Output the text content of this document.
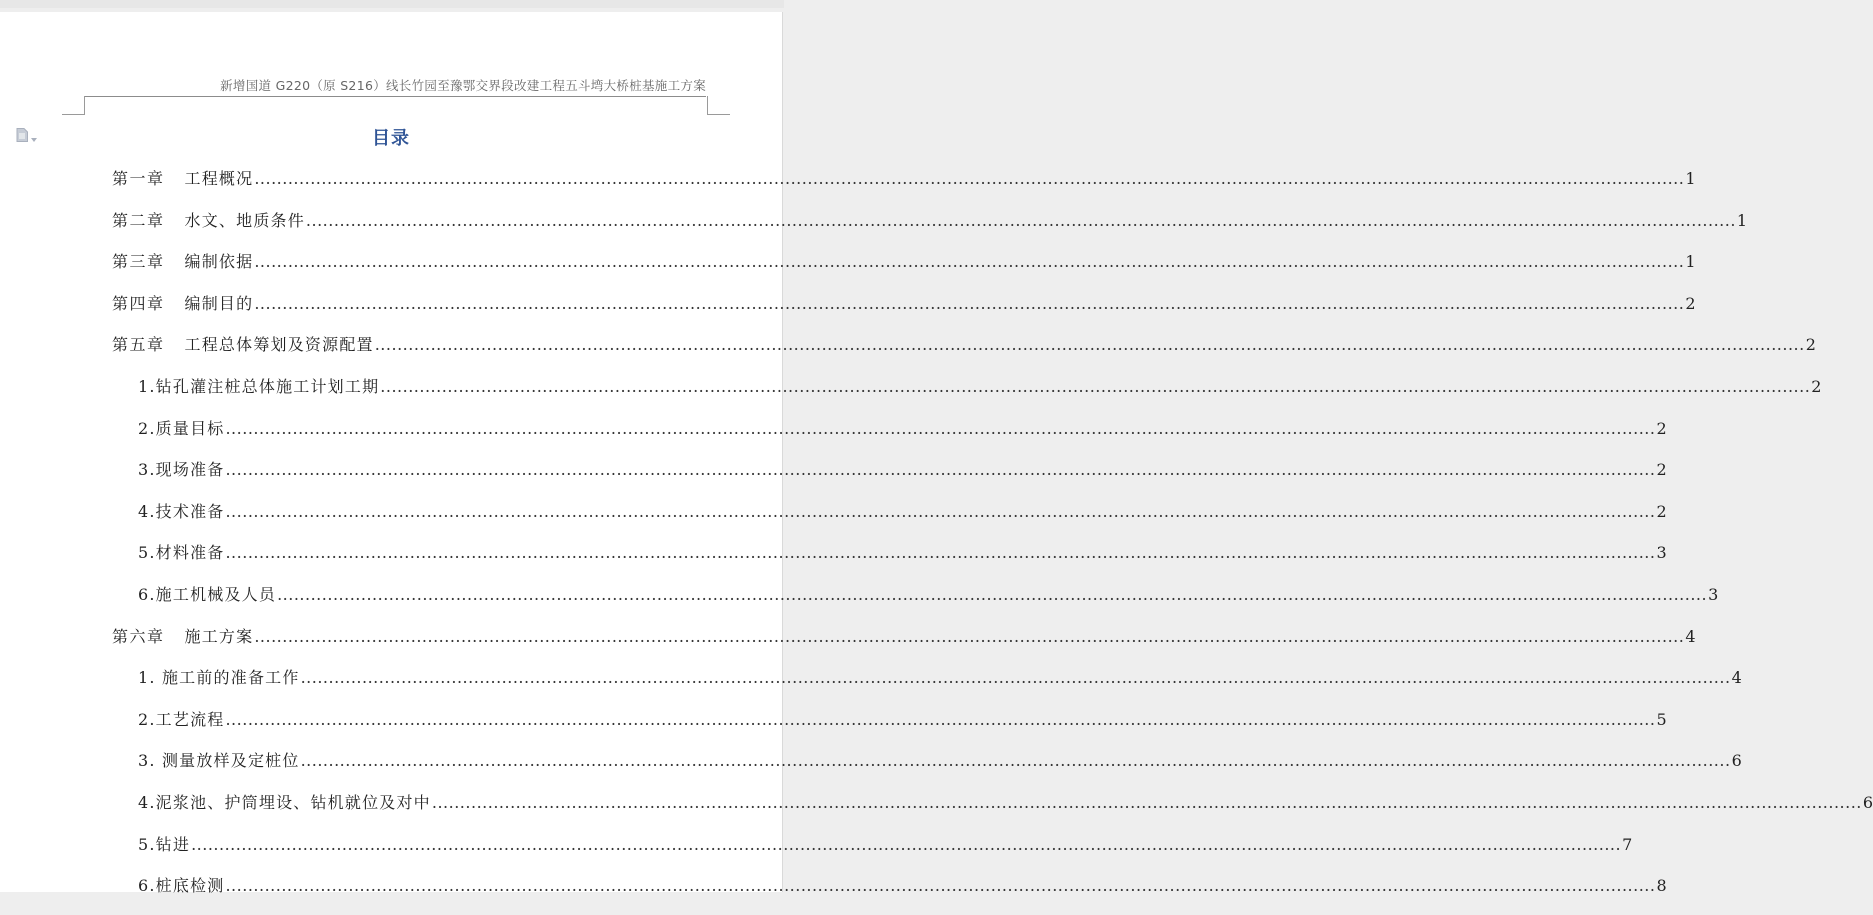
新增国道 G220（原 S216）线长竹园至豫鄂交界段改建工程五斗塆大桥桩基施工方案
目录
第一章 工程概况 .....	1
第二章 水文、地质条件 .....	1
第三章 编制依据 .....	1
第四章 编制目的 .....	2
第五章 工程总体筹划及资源配置 .....	2
1.钻孔灌注桩总体施工计划工期 .....	2
2.质量目标 .....	2
3.现场准备 .....	2
4.技术准备 .....	2
5.材料准备 .....	3
6.施工机械及人员 .....	3
第六章 施工方案 .....	4
1. 施工前的准备工作 .....	4
2.工艺流程 .....	5
3. 测量放样及定桩位 .....	6
4.泥浆池、护筒埋设、钻机就位及对中 .....	6
5.钻进 .....	7
6.桩底检测 .....	8
